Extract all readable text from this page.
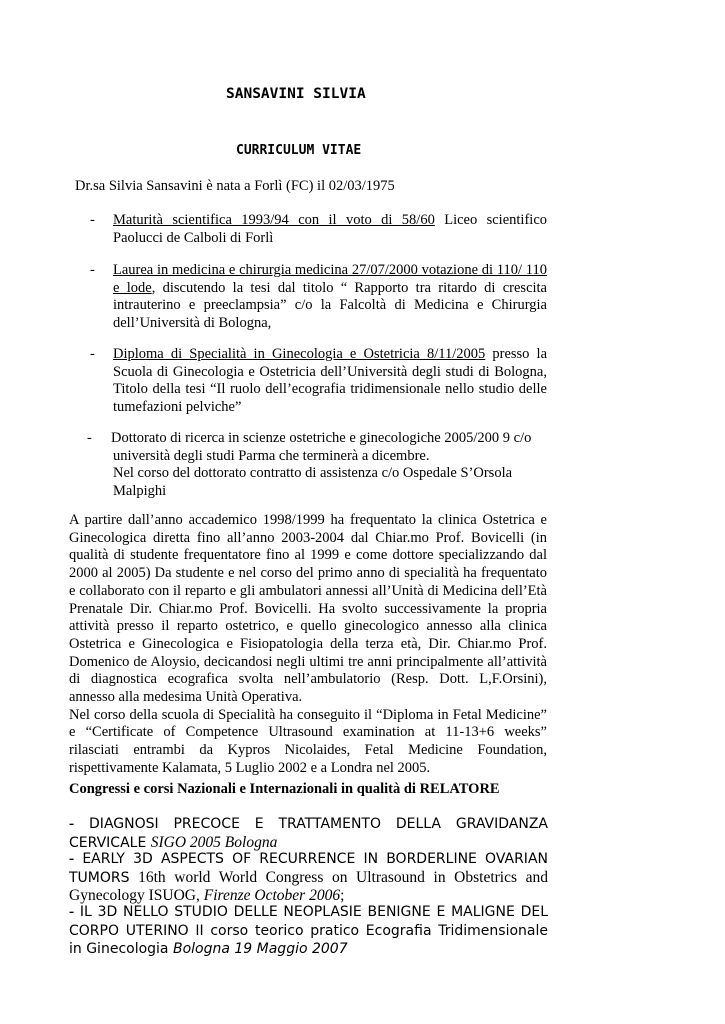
SANSAVINI SILVIA
CURRICULUM VITAE
Dr.sa Silvia Sansavini è nata a Forlì (FC) il 02/03/1975
- Maturità scientifica 1993/94 con il voto di 58/60 Liceo scientifico Paolucci de Calboli di Forlì
- Laurea in medicina e chirurgia medicina 27/07/2000 votazione di 110/ 110 e lode, discutendo la tesi dal titolo “ Rapporto tra ritardo di crescita intrauterino e preeclampsia” c/o la Falcoltà di Medicina e Chirurgia dell’Università di Bologna,
- Diploma di Specialità in Ginecologia e Ostetricia 8/11/2005 presso la Scuola di Ginecologia e Ostetricia dell’Università degli studi di Bologna, Titolo della tesi “Il ruolo dell’ecografia tridimensionale nello studio delle tumefazioni pelviche”
- Dottorato di ricerca in scienze ostetriche e ginecologiche 2005/200 9 c/o
università degli studi Parma che terminerà a dicembre.
Nel corso del dottorato contratto di assistenza c/o Ospedale S’Orsola
Malpighi
A partire dall’anno accademico 1998/1999 ha frequentato la clinica Ostetrica e Ginecologica diretta fino all’anno 2003-2004 dal Chiar.mo Prof. Bovicelli (in qualità di studente frequentatore fino al 1999 e come dottore specializzando dal 2000 al 2005) Da studente e nel corso del primo anno di specialità ha frequentato e collaborato con il reparto e gli ambulatori annessi all’Unità di Medicina dell’Età Prenatale Dir. Chiar.mo Prof. Bovicelli. Ha svolto successivamente la propria attività presso il reparto ostetrico, e quello ginecologico annesso alla clinica Ostetrica e Ginecologica e Fisiopatologia della terza età, Dir. Chiar.mo Prof. Domenico de Aloysio, decicandosi negli ultimi tre anni principalmente all’attività di diagnostica ecografica svolta nell’ambulatorio (Resp. Dott. L,F.Orsini), annesso alla medesima Unità Operativa.
Nel corso della scuola di Specialità ha conseguito il “Diploma in Fetal Medicine” e “Certificate of Competence Ultrasound examination at 11-13+6 weeks” rilasciati entrambi da Kypros Nicolaides, Fetal Medicine Foundation, rispettivamente Kalamata, 5 Luglio 2002 e a Londra nel 2005.
Congressi e corsi Nazionali e Internazionali in qualità di RELATORE
- DIAGNOSI PRECOCE E TRATTAMENTO DELLA GRAVIDANZA CERVICALE SIGO 2005 Bologna
- EARLY 3D ASPECTS OF RECURRENCE IN BORDERLINE OVARIAN TUMORS 16th world World Congress on Ultrasound in Obstetrics and Gynecology ISUOG, Firenze October 2006;
- IL 3D NELLO STUDIO DELLE NEOPLASIE BENIGNE E MALIGNE DEL CORPO UTERINO II corso teorico pratico Ecografia Tridimensionale in Ginecologia Bologna 19 Maggio 2007
